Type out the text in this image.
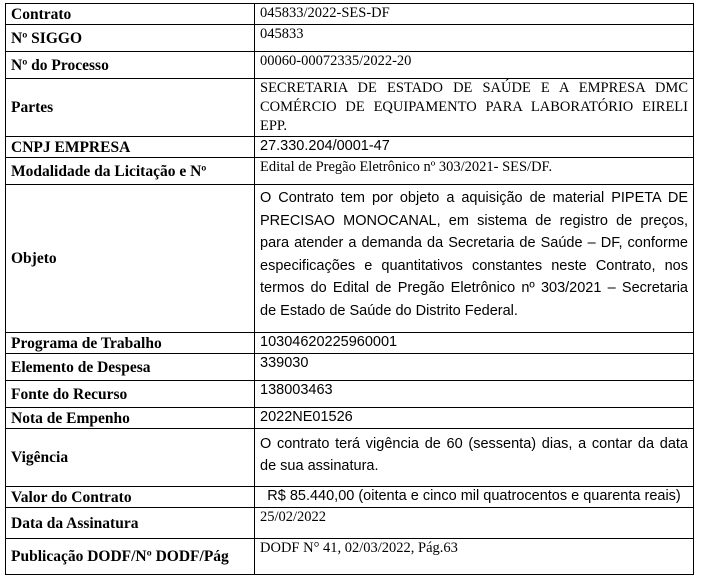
Contrato	045833/2022-SES-DF

Nº SIGGO	045833

Nº do Processo	00060-00072335/2022-20

Partes	SECRETARIA DE ESTADO DE SAÚDE E A EMPRESA DMC COMÉRCIO DE EQUIPAMENTO PARA LABORATÓRIO EIRELI EPP.

CNPJ EMPRESA	27.330.204/0001-47

Modalidade da Licitação e Nº	Edital de Pregão Eletrônico nº 303/2021- SES/DF.

Objeto	O Contrato tem por objeto a aquisição de material PIPETA DE PRECISAO MONOCANAL, em sistema de registro de preços, para atender a demanda da Secretaria de Saúde – DF, conforme especificações e quantitativos constantes neste Contrato, nos termos do Edital de Pregão Eletrônico nº 303/2021 – Secretaria de Estado de Saúde do Distrito Federal.

Programa de Trabalho	10304620225960001

Elemento de Despesa	339030

Fonte do Recurso	138003463

Nota de Empenho	2022NE01526

Vigência	O contrato terá vigência de 60 (sessenta) dias, a contar da data de sua assinatura.

Valor do Contrato	R$ 85.440,00 (oitenta e cinco mil quatrocentos e quarenta reais)

Data da Assinatura	25/02/2022

Publicação DODF/Nº DODF/Pág	DODF N° 41, 02/03/2022, Pág.63
